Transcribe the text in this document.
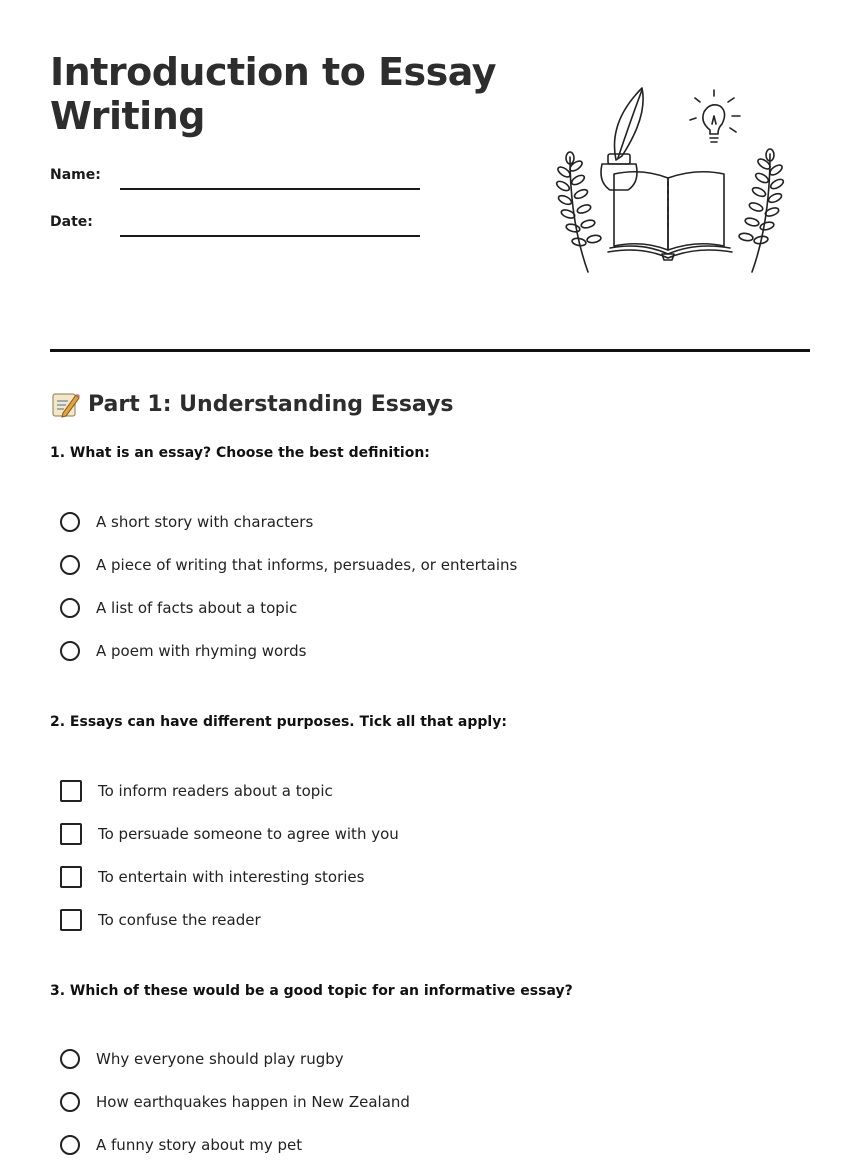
Introduction to Essay Writing
Name:
Date:
Part 1: Understanding Essays
1. What is an essay? Choose the best definition:
A short story with characters
A piece of writing that informs, persuades, or entertains
A list of facts about a topic
A poem with rhyming words
2. Essays can have different purposes. Tick all that apply:
To inform readers about a topic
To persuade someone to agree with you
To entertain with interesting stories
To confuse the reader
3. Which of these would be a good topic for an informative essay?
Why everyone should play rugby
How earthquakes happen in New Zealand
A funny story about my pet
